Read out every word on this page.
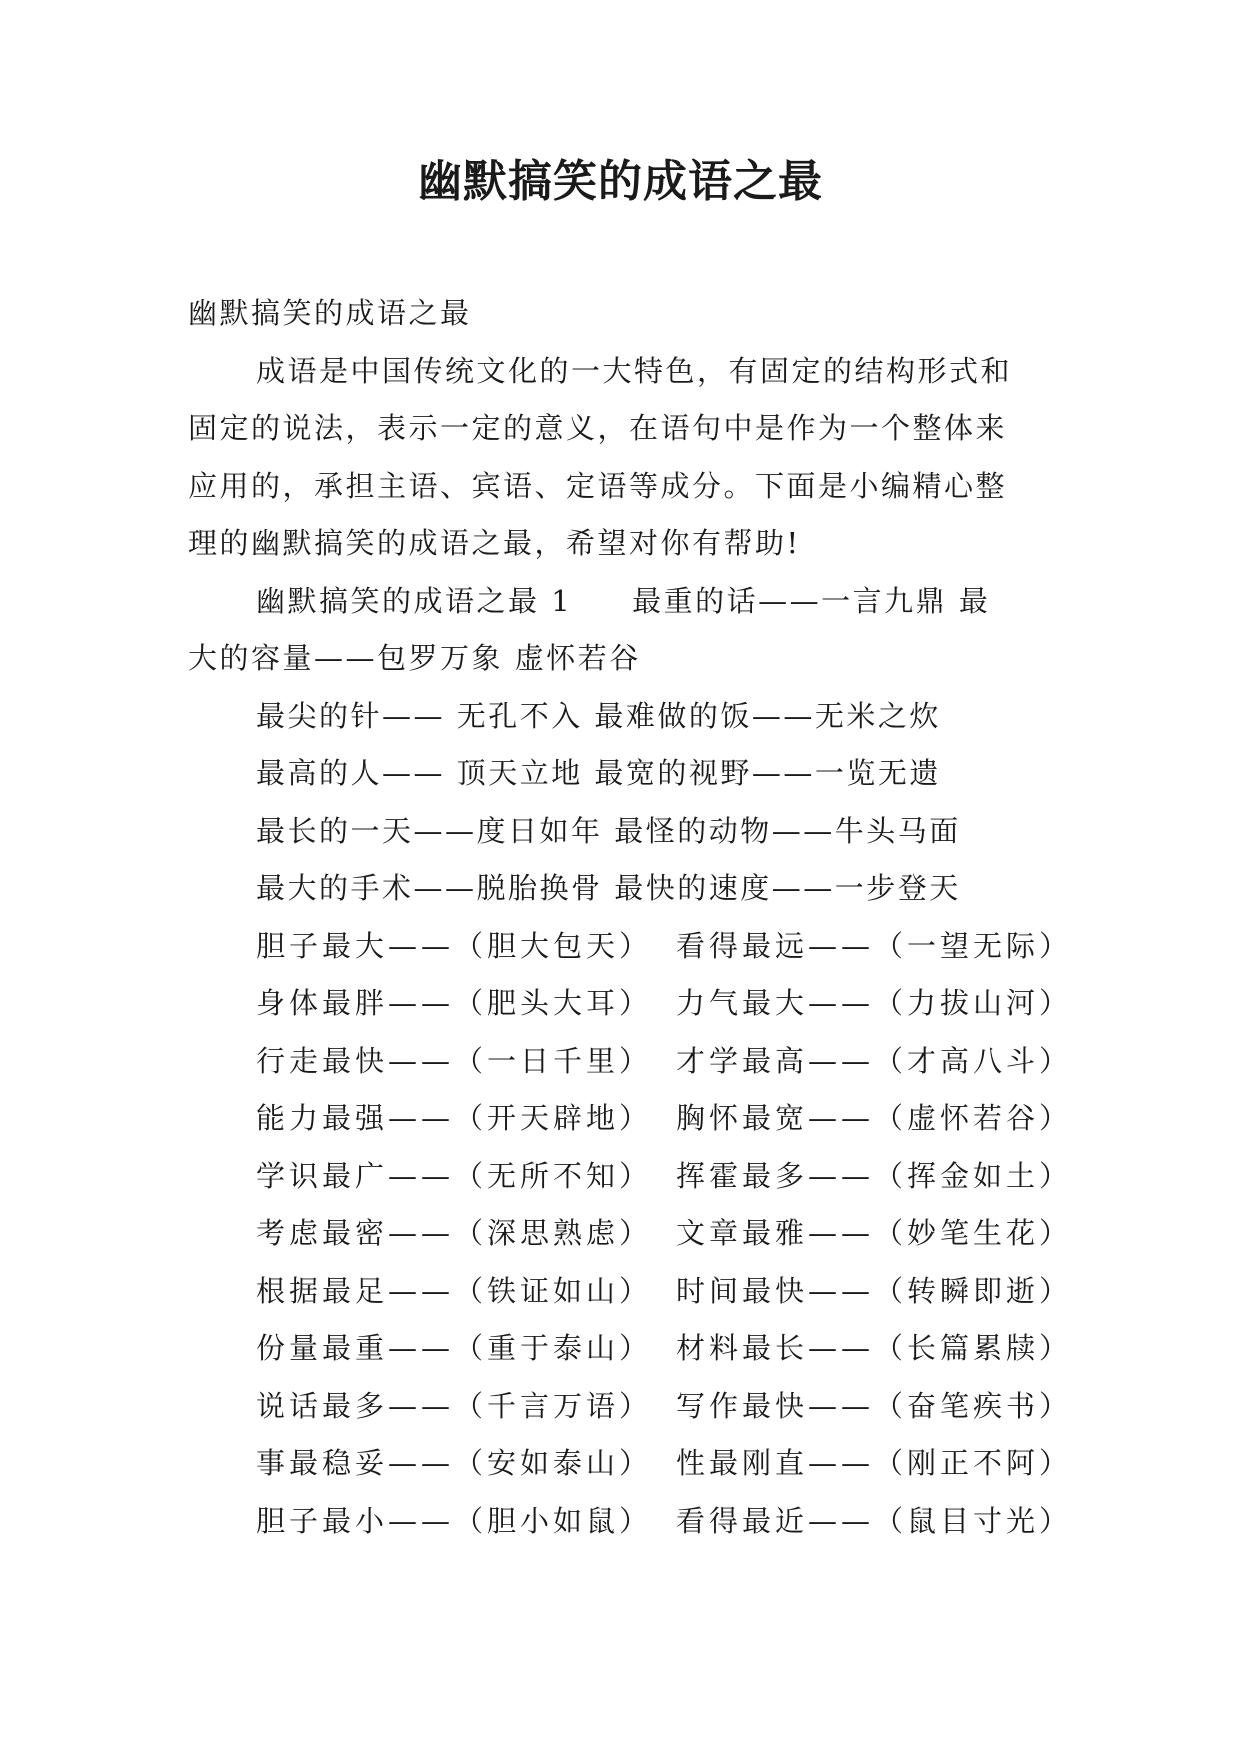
幽默搞笑的成语之最

幽默搞笑的成语之最

成语是中国传统文化的一大特色，有固定的结构形式和

固定的说法，表示一定的意义，在语句中是作为一个整体来

应用的，承担主语、宾语、定语等成分。下面是小编精心整

理的幽默搞笑的成语之最，希望对你有帮助!

幽默搞笑的成语之最 1 最重的话——一言九鼎 最

大的容量——包罗万象 虚怀若谷

最尖的针—— 无孔不入 最难做的饭——无米之炊

最高的人—— 顶天立地 最宽的视野——一览无遗

最长的一天——度日如年 最怪的动物——牛头马面

最大的手术——脱胎换骨 最快的速度——一步登天

胆子最大——（胆大包天） 看得最远——（一望无际）
身体最胖——（肥头大耳） 力气最大——（力拔山河）
行走最快——（一日千里） 才学最高——（才高八斗）
能力最强——（开天辟地） 胸怀最宽——（虚怀若谷）
学识最广——（无所不知） 挥霍最多——（挥金如土）
考虑最密——（深思熟虑） 文章最雅——（妙笔生花）
根据最足——（铁证如山） 时间最快——（转瞬即逝）
份量最重——（重于泰山） 材料最长——（长篇累牍）
说话最多——（千言万语） 写作最快——（奋笔疾书）
事最稳妥——（安如泰山） 性最刚直——（刚正不阿）
胆子最小——（胆小如鼠） 看得最近——（鼠目寸光）
